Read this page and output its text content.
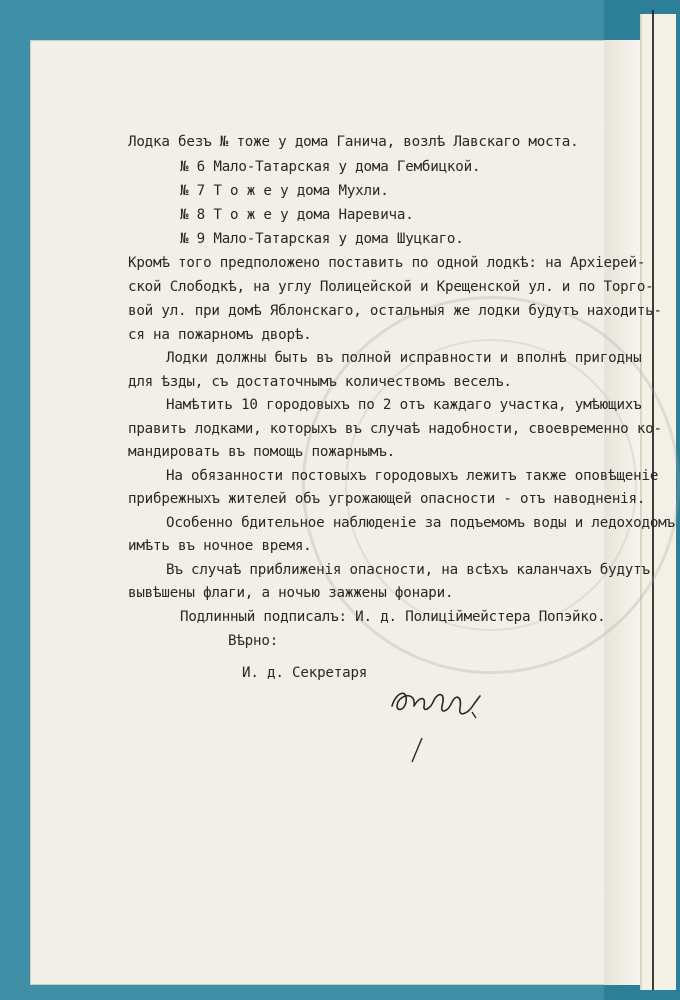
Лодка безъ № тоже у дома Ганича, возлѣ Лавскаго моста.
№ 6 Мало-Татарская у дома Гембицкой.
№ 7 Т о ж е у дома Мухли.
№ 8 Т о ж е у дома Наревича.
№ 9 Мало-Татарская у дома Шуцкаго.
Кромѣ того предположено поставить по одной лодкѣ: на Архiерей-
ской Слободкѣ, на углу Полицейской и Крещенской ул. и по Торго-
вой ул. при домѣ Яблонскаго, остальныя же лодки будутъ находить-
ся на пожарномъ дворѣ.
Лодки должны быть въ полной исправности и вполнѣ пригодны
для ѣзды, съ достаточнымъ количествомъ веселъ.
Намѣтить 10 городовыхъ по 2 отъ каждаго участка, умѣющихъ
править лодками, которыхъ въ случаѣ надобности, своевременно ко-
мандировать въ помощь пожарнымъ.
На обязанности постовыхъ городовыхъ лежитъ также оповѣщенiе
прибрежныхъ жителей объ угрожающей опасности - отъ наводненiя.
Особенно бдительное наблюденiе за подъемомъ воды и ледоходомъ
имѣть въ ночное время.
Въ случаѣ приближенiя опасности, на всѣхъ каланчахъ будутъ
вывѣшены флаги, а ночью зажжены фонари.
Подлинный подписалъ: И. д. Полицiймейстера Попэйко.
Вѣрно:
И. д. Секретаря
